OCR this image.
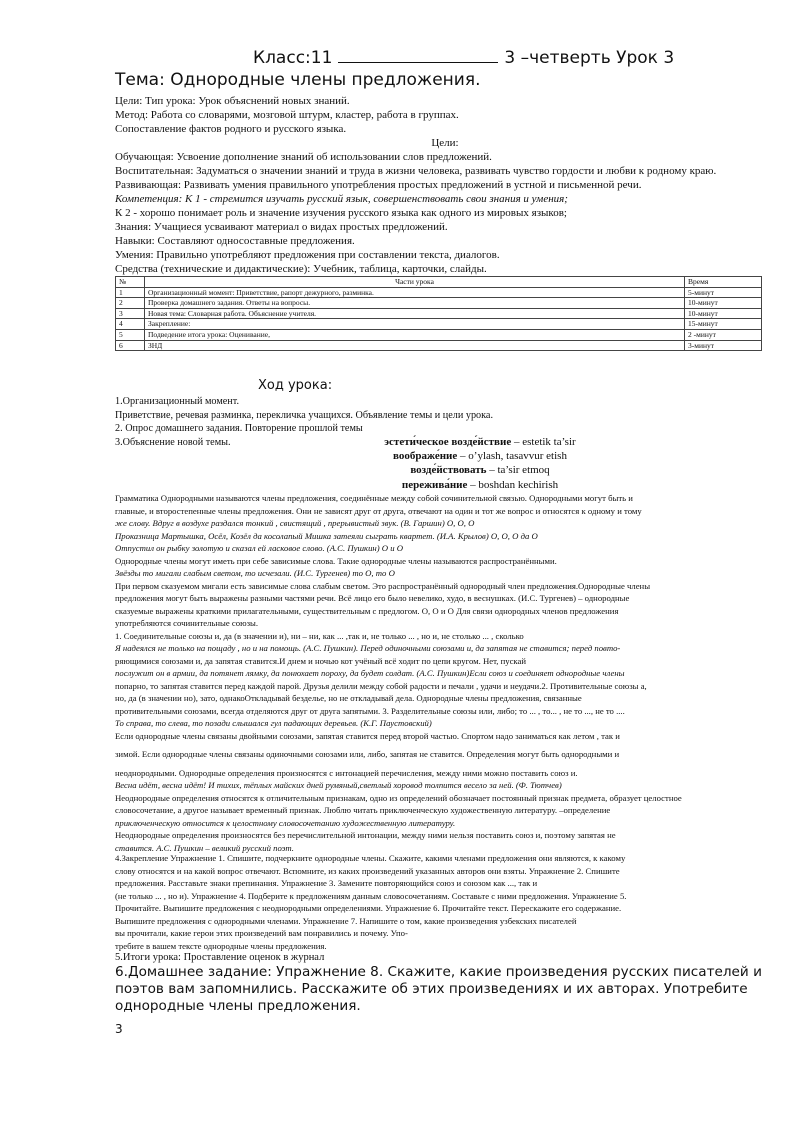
Класс:11	3 –четверть Урок 3
Тема: Однородные члены предложения.
Цели: Тип урока: Урок объяснений новых знаний.
Метод: Работа со словарями, мозговой штурм, кластер, работа в группах.
Сопоставление фактов родного и русского языка.
Цели:
Обучающая: Усвоение дополнение знаний об использовании слов предложений.
Воспитательная: Задуматься о значении знаний и труда в жизни человека, развивать чувство гордости и любви к родному краю.
Развивающая: Развивать умения правильного употребления простых предложений в устной и письменной речи.
Компетенция: К 1 - стремится изучать русский язык, совершенствовать свои знания и умения;
К 2 - хорошо понимает роль и значение изучения русского языка как одного из мировых языков;
Знания: Учащиеся усваивают материал о видах простых предложений.
Навыки: Составляют односоставные предложения.
Умения: Правильно употребляют предложения при составлении текста, диалогов.
Средства (технические и дидактические): Учебник, таблица, карточки, слайды.
№	Части урока	Время
1	Организационный момент: Приветствие, рапорт дежурного, разминка.	5-минут
2	Проверка домашнего задания. Ответы на вопросы.	10-минут
3	Новая тема: Словарная работа. Объяснение учителя.	10-минут
4	Закрепление:	15-минут
5	Подведение итога урока: Оценивание,	2 -минут
6	ЗНД	3-минут
Ход урока:
1.Организационный момент.
Приветствие, речевая разминка, перекличка учащихся. Объявление темы и цели урока.
2. Опрос домашнего задания. Повторение прошлой темы
3.Объяснение новой темы.	эстети́ческое возде́йствие – estetik ta’sir
воображе́ние – o’ylash, tasavvur etish
возде́йствовать – ta’sir etmoq
пережива́ние – boshdan kechirish
Грамматика Однородными называются члены предложения, соединённые между собой сочинительной связью. Однородными могут быть и
главные, и второстепенные члены предложения. Они не зависят друг от друга, отвечают на один и тот же вопрос и относятся к одному и тому
же слову. Вдруг в воздухе раздался тонкий , свистящий , прерывистый звук. (В. Гаршин) О, О, О
Проказница Мартышка, Осёл, Козёл да косолапый Мишка затеяли сыграть квартет. (И.А. Крылов) О, О, О да О
Отпустил он рыбку золотую и сказал ей ласковое слово. (А.С. Пушкин) О и О
Однородные члены могут иметь при себе зависимые слова. Такие однородные члены называются распространёнными.
Звёзды то мигали слабым светом, то исчезали. (И.С. Тургенев) то О, то О
При первом сказуемом мигали есть зависимые слова слабым светом. Это распространённый однородный член предложения.Однородные члены
предложения могут быть выражены разными частями речи. Всё лицо его было невелико, худо, в веснушках. (И.С. Тургенев) – однородные
сказуемые выражены краткими прилагательными, существительным с предлогом. О, О и О Для связи однородных членов предложения
употребляются сочинительные союзы.
1. Соединительные союзы и, да (в значении и), ни – ни, как ... ,так и, не только ... , но и, не столько ... , сколько
Я надеялся не только на пощаду , но и на помощь. (А.С. Пушкин). Перед одиночными союзами и, да запятая не ставится; перед повто-
ряющимися союзами и, да запятая ставится.И днем и ночью кот учёный всё ходит по цепи кругом. Нет, пускай
послужит он в армии, да потянет лямку, да понюхает пороху, да будет солдат. (А.С. Пушкин)Если союз и соединяет однородные члены
попарно, то запятая ставится перед каждой парой. Друзья делили между собой радости и печали , удачи и неудачи.2. Противительные союзы а,
но, да (в значении но), зато, однакоОткладывай безделье, но не откладывай дела. Однородные члены предложения, связанные
противительными союзами, всегда отделяются друг от друга запятыми. 3. Разделительные союзы или, либо; то ... , то... , не то ..., не то ....
То справа, то слева, то позади слышался гул падающих деревьев. (К.Г. Паустовский)
Если однородные члены связаны двойными союзами, запятая ставится перед второй частью. Спортом надо заниматься как летом , так и
зимой. Если однородные члены связаны одиночными союзами или, либо, запятая не ставится. Определения могут быть однородными и
неоднородными. Однородные определения произносятся с интонацией перечисления, между ними можно поставить союз и.
Весна идёт, весна идёт! И тихих, тёплых майских дней румяный,светлый хоровод толпится весело за ней. (Ф. Тютчев)
Неоднородные определения относятся к отличительным признакам, одно из определений обозначает постоянный признак предмета, образует целостное
словосочетание, а другое называет временный признак. Люблю читать приключенческую художественную литературу. –определение
приключенческую относится к целостному словосочетанию художественную литературу.
Неоднородные определения произносятся без перечислительной интонации, между ними нельзя поставить союз и, поэтому запятая не
ставится. А.С. Пушкин – великий русский поэт.
4.Закрепление Упражнение 1. Спишите, подчеркните однородные члены. Скажите, какими членами предложения они являются, к какому
слову относятся и на какой вопрос отвечают. Вспомните, из каких произведений указанных авторов они взяты. Упражнение 2. Спишите
предложения. Расставьте знаки препинания. Упражнение 3. Замените повторяющийся союз и союзом как ..., так и
(не только ... , но и). Упражнение 4. Подберите к предложениям данным словосочетаниям. Составьте с ними предложения. Упражнение 5.
Прочитайте. Выпишите предложения с неоднородными определениями. Упражнение 6. Прочитайте текст. Перескажите его содержание.
Выпишите предложения с однородными членами. Упражнение 7. Напишите о том, какие произведения узбекских писателей
вы прочитали, какие герои этих произведений вам понравились и почему. Упо-
требите в вашем тексте однородные члены предложения.
5.Итоги урока: Проставление оценок в журнал
6.Домашнее задание: Упражнение 8. Скажите, какие произведения русских писателей и поэтов вам запомнились. Расскажите об этих произведениях и их авторах. Употребите однородные члены предложения.
3
